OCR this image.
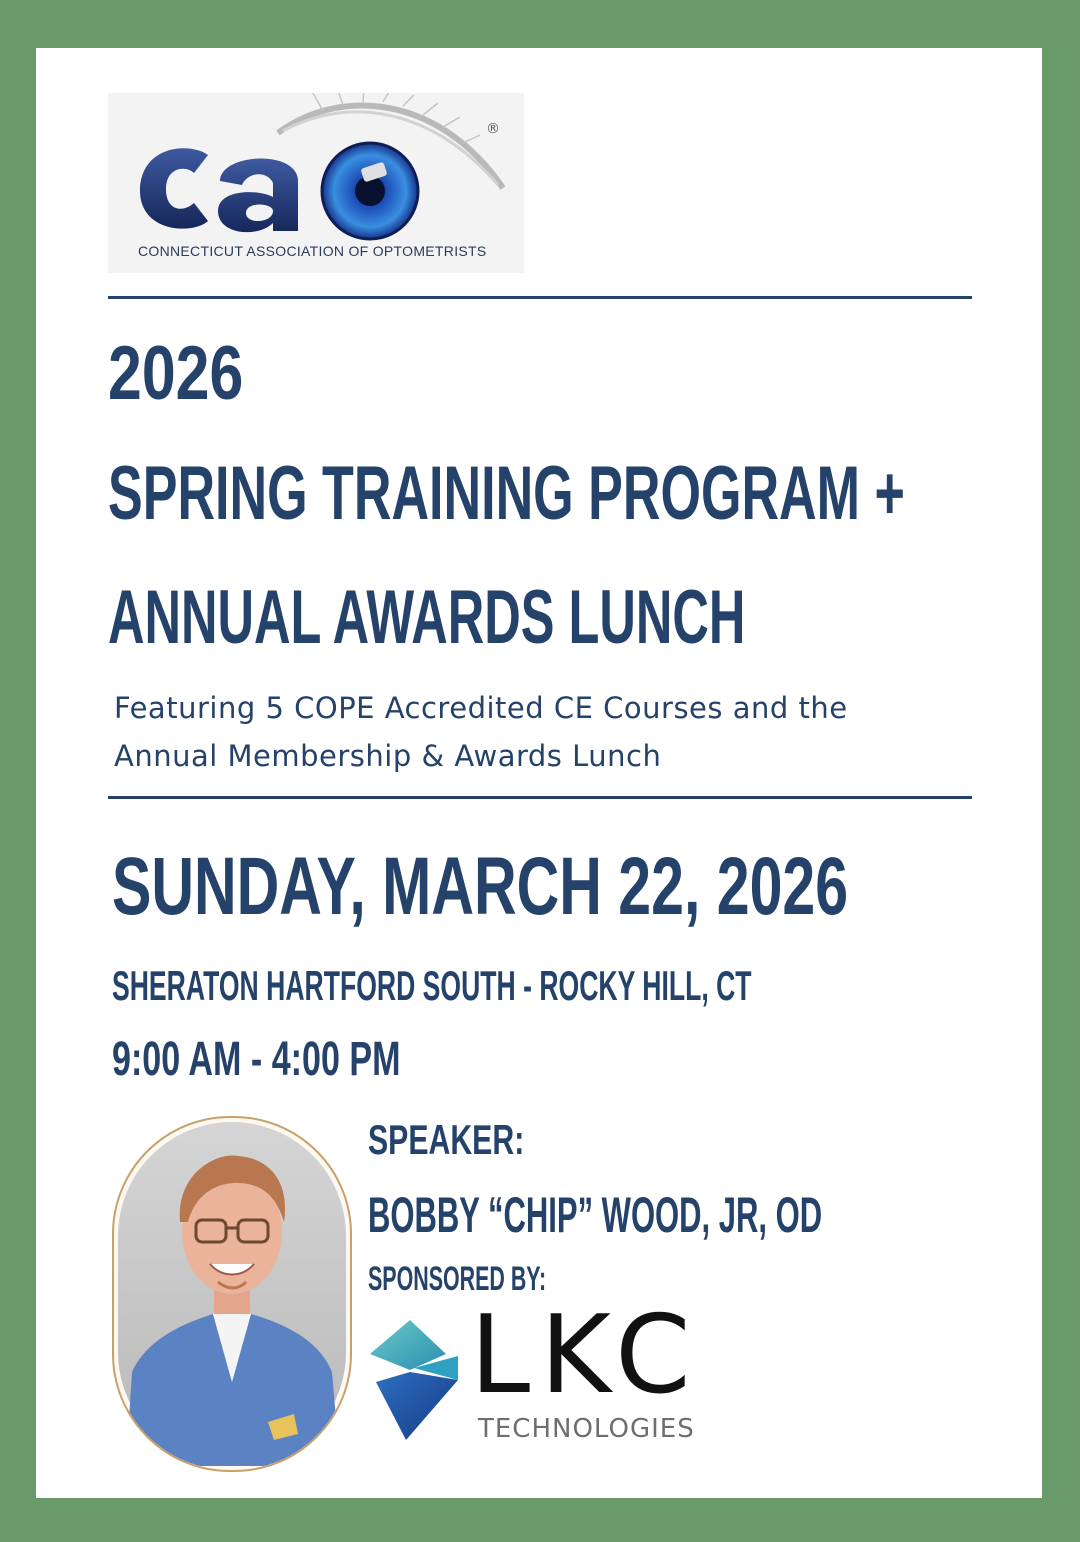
®
CONNECTICUT ASSOCIATION OF OPTOMETRISTS
2026
SPRING TRAINING PROGRAM +
ANNUAL AWARDS LUNCH
Featuring 5 COPE Accredited CE Courses and the
Annual Membership & Awards Lunch
SUNDAY, MARCH 22, 2026
SHERATON HARTFORD SOUTH - ROCKY HILL, CT
9:00 AM - 4:00 PM
SPEAKER:
BOBBY “CHIP” WOOD, JR, OD
SPONSORED BY:
LKC
TECHNOLOGIES
